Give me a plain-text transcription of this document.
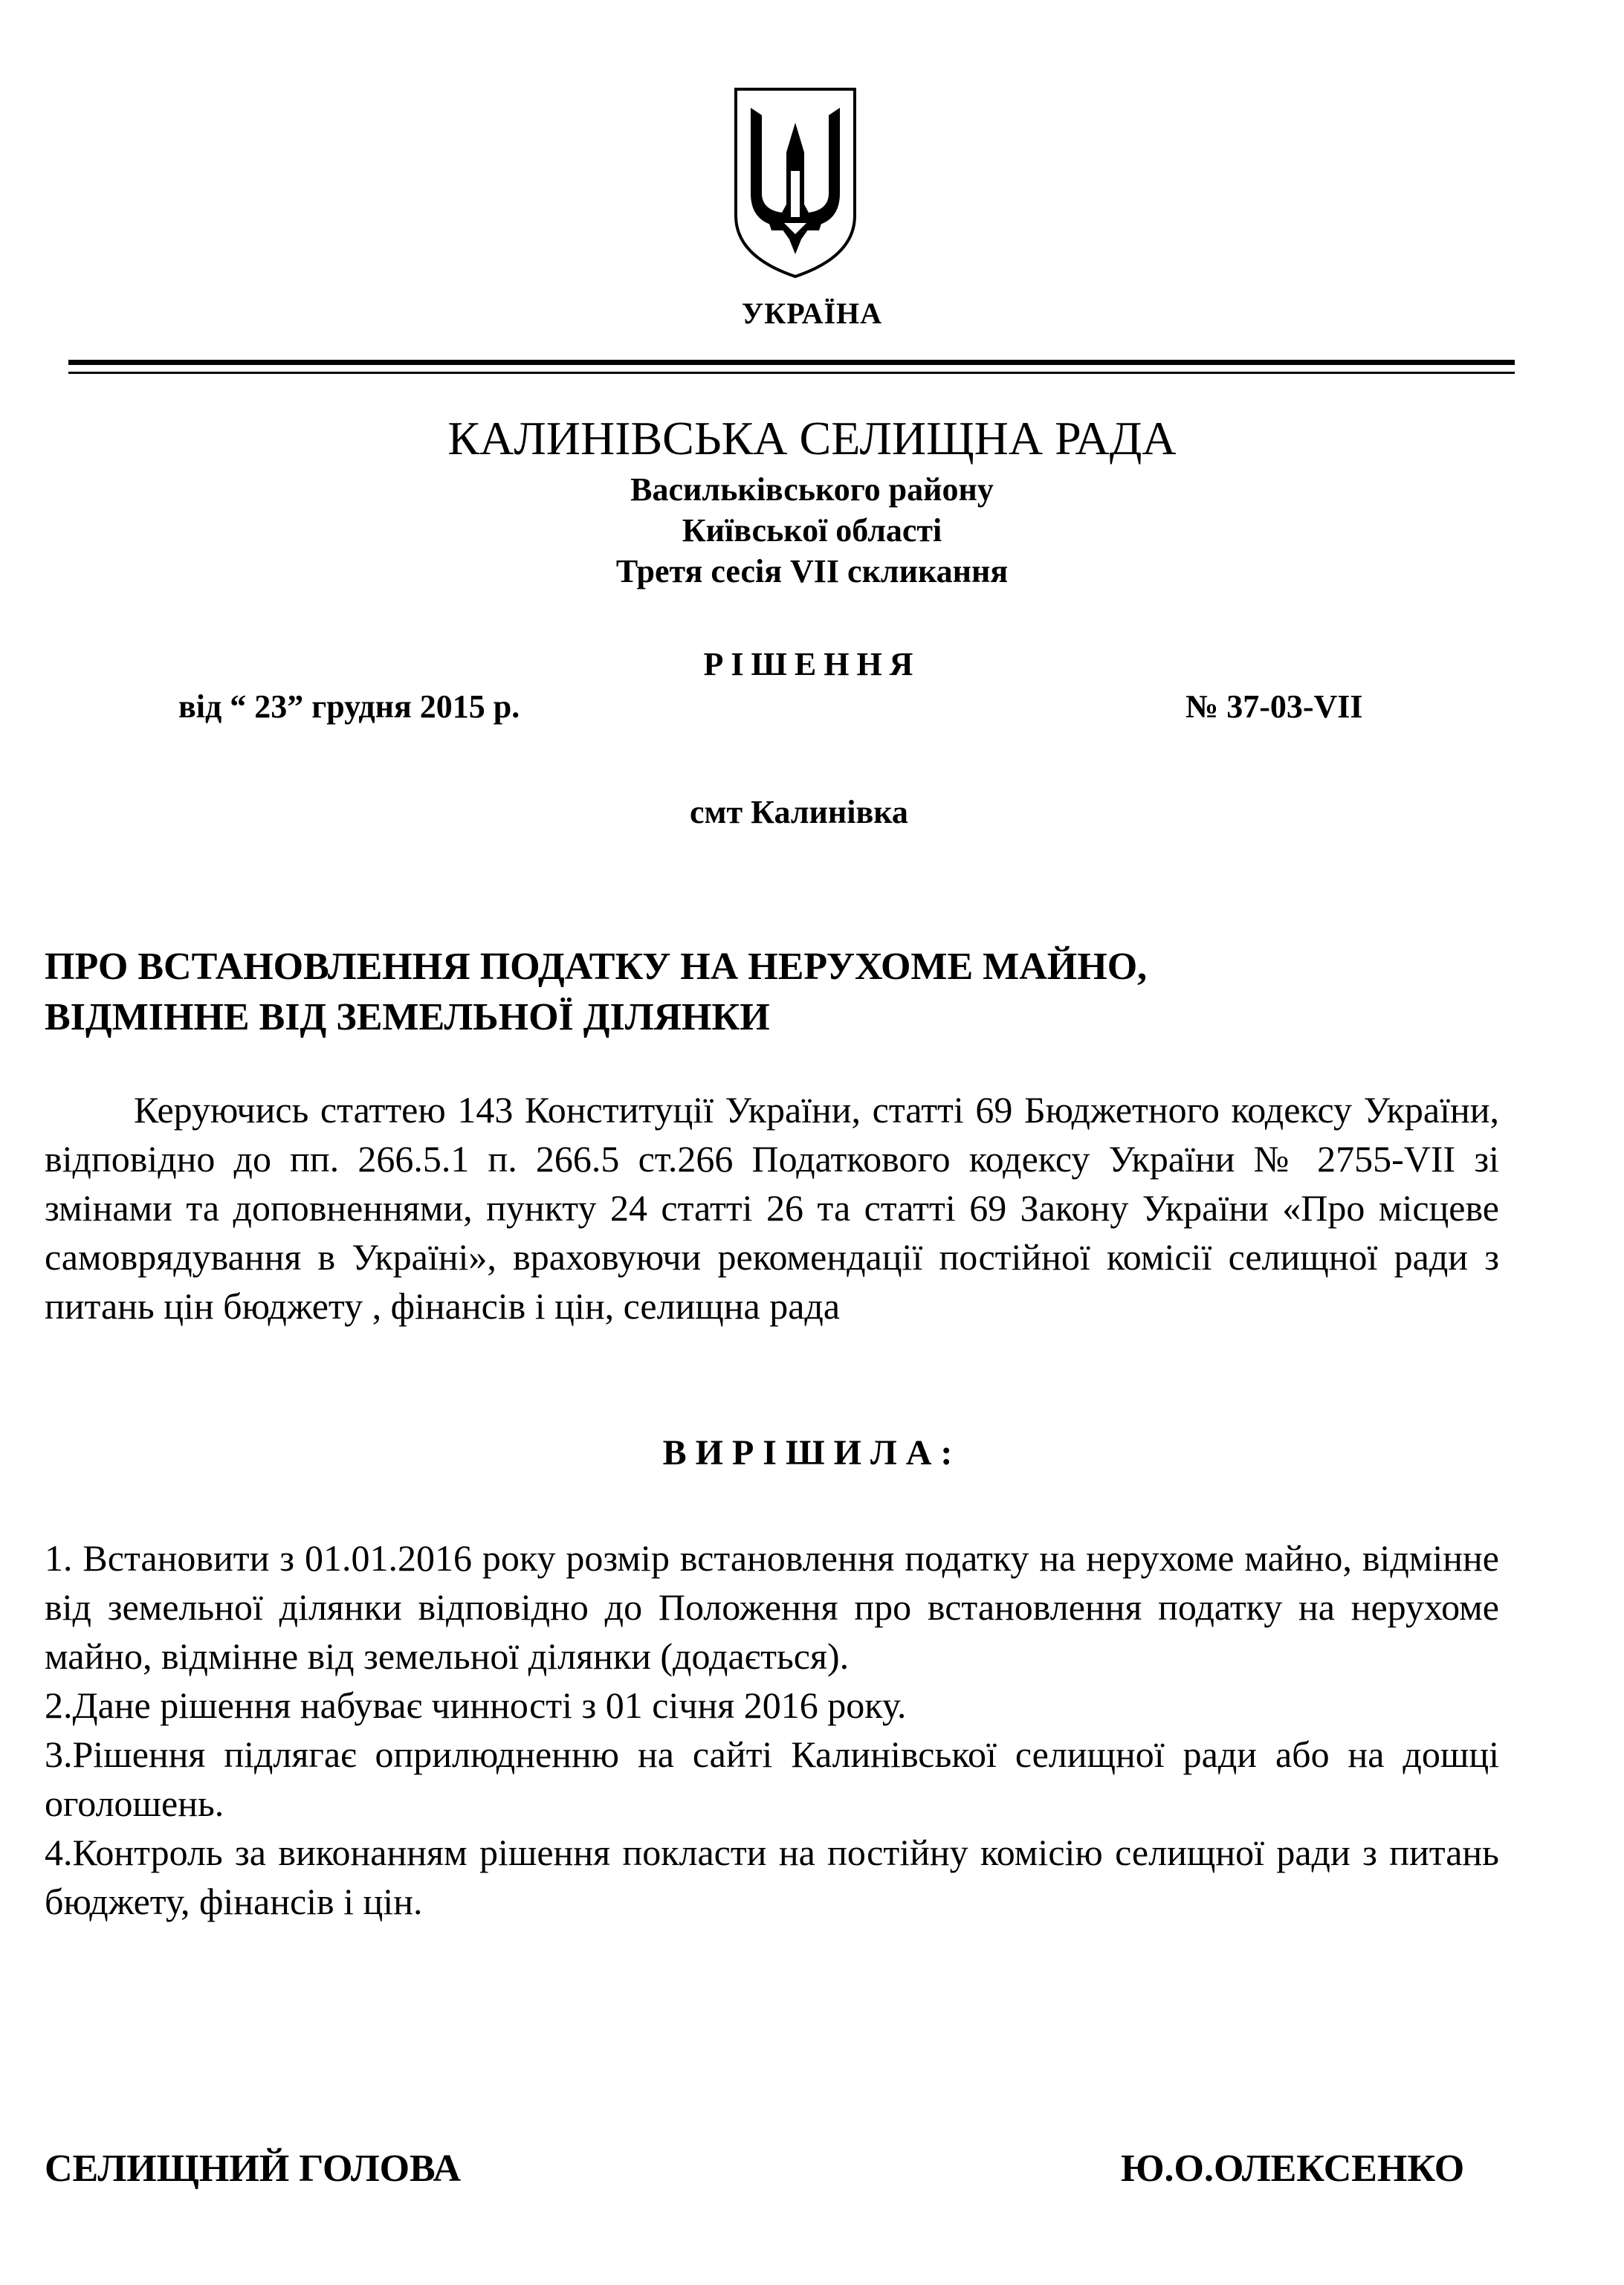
УКРАЇНА
КАЛИНІВСЬКА СЕЛИЩНА РАДА
Васильківського району
Київської області
Третя сесія VII скликання
РІШЕННЯ
від “ 23” грудня 2015 р.	№ 37-03-VII
смт Калинівка
ПРО ВСТАНОВЛЕННЯ ПОДАТКУ НА НЕРУХОМЕ МАЙНО,
ВІДМІННЕ ВІД ЗЕМЕЛЬНОЇ ДІЛЯНКИ
Керуючись статтею 143 Конституції України, статті 69 Бюджетного кодексу України, відповідно до пп. 266.5.1 п. 266.5 ст.266 Податкового кодексу України № 2755-VII зі змінами та доповненнями, пункту 24 статті 26 та статті 69 Закону України «Про місцеве самоврядування в Україні», враховуючи рекомендації постійної комісії селищної ради з питань цін бюджету , фінансів і цін, селищна рада
ВИРІШИЛА:

1. Встановити з 01.01.2016 року розмір встановлення податку на нерухоме майно, відмінне від земельної ділянки відповідно до Положення про встановлення податку на нерухоме майно, відмінне від земельної ділянки (додається).

2.Дане рішення набуває чинності з 01 січня 2016 року.

3.Рішення підлягає оприлюдненню на сайті Калинівської селищної ради або на дошці оголошень.

4.Контроль за виконанням рішення покласти на постійну комісію селищної ради з питань бюджету, фінансів і цін.

СЕЛИЩНИЙ ГОЛОВА	Ю.О.ОЛЕКСЕНКО
